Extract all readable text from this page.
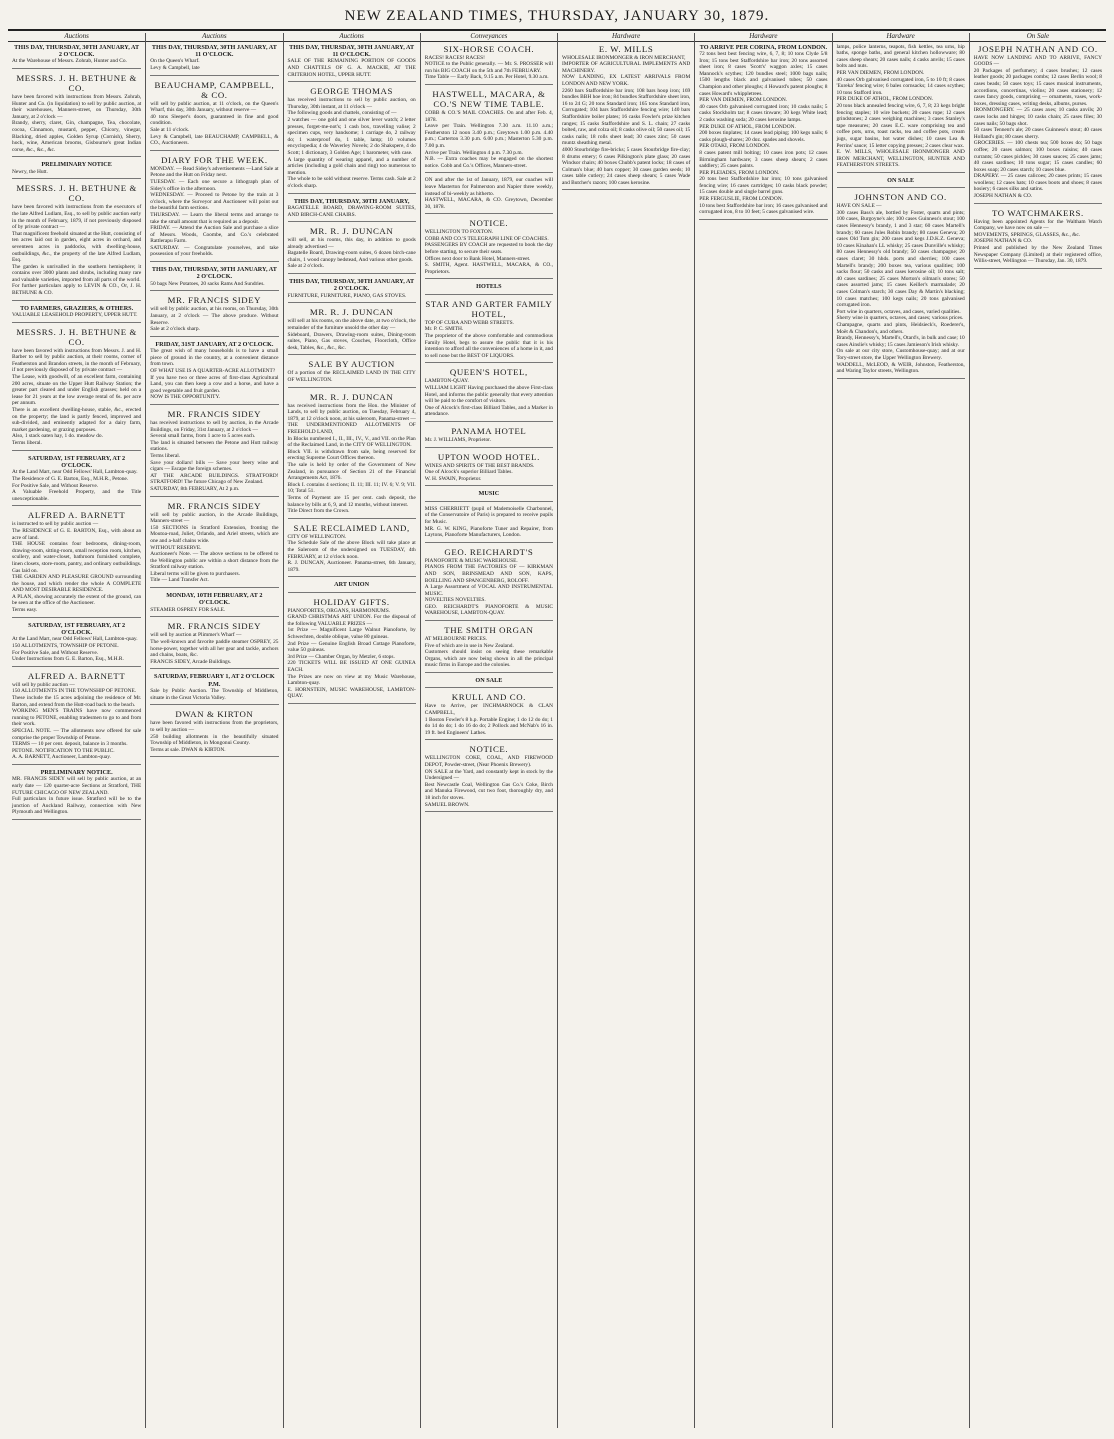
NEW ZEALAND TIMES, THURSDAY, JANUARY 30, 1879.
Auctions
THIS DAY, THURSDAY, 30TH JANUARY, AT 2 O'CLOCK.
At the Warehouse of Messrs. Zohrab, Hunter and Co.
MESSRS. J. H. BETHUNE & CO.
have been favored with instructions from Messrs. Zohrab, Hunter and Co. (in liquidation) to sell by public auction, at their warehouses, Manners-street, on Thursday, 30th January, at 2 o'clock —
Brandy, sherry, claret, Gin, champagne, Tea, chocolate, cocoa, Cinnamon, mustard, pepper, Chicory, vinegar, Blacking, dried apples, Golden Syrup (Cornish), Sherry, hock, wine, American brooms, Gisbourne's great Indian corse, &c., &c., &c.
PRELIMINARY NOTICE
Newry, the Hutt.
MESSRS. J. H. BETHUNE & CO.
have been favored with instructions from the executors of the late Alfred Ludlam, Esq., to sell by public auction early in the month of February, 1879, if not previously disposed of by private contract —
That magnificent freehold situated at the Hutt, consisting of ten acres laid out in garden, eight acres in orchard, and seventeen acres in paddocks, with dwelling-house, outbuildings, &c., the property of the late Alfred Ludlam, Esq.
The garden is unrivalled in the southern hemisphere; it contains over 3000 plants and shrubs, including many rare and valuable varieties, imported from all parts of the world.
For further particulars apply to LEVIN & CO., Or, J. H. BETHUNE & CO.
TO FARMERS, GRAZIERS, & OTHERS.
VALUABLE LEASEHOLD PROPERTY, UPPER HUTT.
MESSRS. J. H. BETHUNE & CO.
have been favored with instructions from Messrs. J. and H. Barber to sell by public auction, at their rooms, corner of Featherston and Brandon streets, in the month of February, if not previously disposed of by private contract —
The Lease, with goodwill, of an excellent farm, containing 200 acres, situate on the Upper Hutt Railway Station; the greater part cleared and under English grasses; held on a lease for 21 years at the low average rental of 6s. per acre per annum.
There is an excellent dwelling-house, stable, &c., erected on the property; the land is partly fenced, improved and sub-divided, and eminently adapted for a dairy farm, market gardening, or grazing purposes.
Also, 1 stack oaten hay, 1 do. meadow do.
Terms liberal.
SATURDAY, 1ST FEBRUARY, AT 2 O'CLOCK.
At the Land Mart, near Odd Fellows' Hall, Lambton-quay.
The Residence of G. E. Barton, Esq., M.H.R., Petone.
For Positive Sale, and Without Reserve.
A Valuable Freehold Property, and the Title unexceptionable.
ALFRED A. BARNETT
is instructed to sell by public auction —
The RESIDENCE of G. E. BARTON, Esq., with about an acre of land.
THE HOUSE contains four bedrooms, dining-room, drawing-room, sitting-room, small reception room, kitchen, scullery, and water-closet, bathroom furnished complete, linen closets, store-room, pantry, and ordinary outbuildings. Gas laid on.
THE GARDEN AND PLEASURE GROUND surrounding the house, and which render the whole A COMPLETE AND MOST DESIRABLE RESIDENCE.
A PLAN, showing accurately the extent of the ground, can be seen at the office of the Auctioneer.
Terms easy.
SATURDAY, 1ST FEBRUARY, AT 2 O'CLOCK.
At the Land Mart, near Odd Fellows' Hall, Lambton-quay.
150 ALLOTMENTS, TOWNSHIP OF PETONE.
For Positive Sale, and Without Reserve.
Under Instructions from G. E. Barton, Esq., M.H.R.
ALFRED A. BARNETT
will sell by public auction —
150 ALLOTMENTS IN THE TOWNSHIP OF PETONE.
These include the 15 acres adjoining the residence of Mr. Barton, and extend from the Hutt-road back to the beach.
WORKING MEN'S TRAINS have now commenced running to PETONE, enabling tradesmen to go to and from their work.
SPECIAL NOTE. — The allotments now offered for sale comprise the proper Township of Petone.
TERMS — 10 per cent. deposit, balance in 3 months.
PETONE. NOTIFICATION TO THE PUBLIC.
A. A. BARNETT, Auctioneer, Lambton-quay.
PRELIMINARY NOTICE.
MR. FRANCIS SIDEY will sell by public auction, at an early date — 120 quarter-acre Sections at Stratford, THE FUTURE CHICAGO OF NEW ZEALAND.
Full particulars in future issue. Stratford will be to the junction of Auckland Railway, connection with New Plymouth and Wellington.
Auctions
THIS DAY, THURSDAY, 30TH JANUARY, AT 11 O'CLOCK.
On the Queen's Wharf.
Levy & Campbell, late
BEAUCHAMP, CAMPBELL, & CO.
will sell by public auction, at 11 o'clock, on the Queen's Wharf, this day, 30th January, without reserve —
40 tons Sleeper's doors, guaranteed in fine and good condition.
Sale at 11 o'clock.
Levy & Campbell, late BEAUCHAMP, CAMPBELL, & CO., Auctioneers.
DIARY FOR THE WEEK.
MONDAY. — Read Sidey's advertisements —Land Sale at Petone and the Hutt on Friday next.
TUESDAY. — Each one secure a lithograph plan of Sidey's office in the afternoon.
WEDNESDAY. — Proceed to Petone by the train at 3 o'clock, where the Surveyor and Auctioneer will point out the beautiful farm sections.
THURSDAY. — Learn the liberal terms and arrange to take the small amount that is required as a deposit.
FRIDAY. — Attend the Auction Sale and purchase a slice of Messrs. Woods, Coombe, and Co.'s celebrated Rattlerapu Farm.
SATURDAY. — Congratulate yourselves, and take possession of your freeholds.
THIS DAY, THURSDAY, 30TH JANUARY, AT 2 O'CLOCK.
50 bags New Potatoes, 20 sacks Rams And Sundries.
MR. FRANCIS SIDEY
will sell by public auction, at his rooms, on Thursday, 30th January, at 2 o'clock — The above produce. Without Reserve.
Sale at 2 o'clock sharp.
FRIDAY, 31ST JANUARY, AT 2 O'CLOCK.
The great wish of many households is to have a small piece of ground in the country, at a convenient distance from town.
OF WHAT USE IS A QUARTER-ACRE ALLOTMENT?
If you have two or three acres of first-class Agricultural Land, you can then keep a cow and a horse, and have a good vegetable and fruit garden.
NOW IS THE OPPORTUNITY.
MR. FRANCIS SIDEY
has received instructions to sell by auction, in the Arcade Buildings, on Friday, 31st January, at 2 o'clock —
Several small farms, from 1 acre to 5 acres each.
The land is situated between the Petone and Hutt railway stations.
Terms liberal.
Save your dollars! bills — Save your beery wine and cigars — Escape the foreign schemes.
AT THE ARCADE BUILDINGS. STRATFORD! STRATFORD! The future Chicago of New Zealand.
SATURDAY, 8th FEBRUARY, At 2 p.m.
MR. FRANCIS SIDEY
will sell by public auction, in the Arcade Buildings, Manners-street —
150 SECTIONS in Stratford Extension, fronting the Moutoa-road, Juliet, Orlando, and Ariel streets, which are one and a-half chains wide.
WITHOUT RESERVE.
Auctioneer's Note. — The above sections to be offered to the Wellington public are within a short distance from the Stratford railway station.
Liberal terms will be given to purchasers.
Title — Land Transfer Act.
MONDAY, 10TH FEBRUARY, AT 2 O'CLOCK.
STEAMER OSPREY FOR SALE.
MR. FRANCIS SIDEY
will sell by auction at Plimmer's Wharf —
The well-known and favorite paddle steamer OSPREY, 25 horse-power, together with all her gear and tackle, anchors and chains, boats, &c.
FRANCIS SIDEY, Arcade Buildings.
SATURDAY, FEBRUARY 1, AT 2 O'CLOCK P.M.
Sale by Public Auction. The Township of Middleton, situate in the Great Victoria Valley.
DWAN & KIRTON
have been favored with instructions from the proprietors, to sell by auction —
250 building allotments in the beautifully situated Township of Middleton, in Mongonui County.
Terms at sale. DWAN & KIRTON.
Auctions
THIS DAY, THURSDAY, 30TH JANUARY, AT 11 O'CLOCK.
SALE OF THE REMAINING PORTION OF GOODS AND CHATTELS OF G. A. MACKIE, AT THE CRITERION HOTEL, UPPER HUTT.
GEORGE THOMAS
has received instructions to sell by public auction, on Thursday, 30th instant, at 11 o'clock —
The following goods and chattels, consisting of —
2 watches — one gold and one silver lever watch; 2 letter presses, forget-me-not's; 1 cash box, travelling valise; 2 specimen cups, very handsome; 1 carriage do, 2 railway do; 1 waterproof do, 1 table, lamp; 10 volumes encyclopedia; 4 do Waverley Novels; 2 do Shakspere, 4 do Scott; 1 dictionary, 3 Golden Age; 1 barometer, with case.
A large quantity of wearing apparel, and a number of articles (including a gold chain and ring) too numerous to mention.
The whole to be sold without reserve. Terms cash. Sale at 2 o'clock sharp.
THIS DAY, THURSDAY, 30TH JANUARY,
BAGATELLE BOARD, DRAWING-ROOM SUITES, AND BIRCH-CANE CHAIRS.
MR. R. J. DUNCAN
will sell, at his rooms, this day, in addition to goods already advertised —
Bagatelle Board, Drawing-room suites, 6 dozen birch-cane chairs, 1 wood canopy bedstead, And various other goods.
Sale at 2 o'clock.
THIS DAY, THURSDAY, 30TH JANUARY, AT 2 O'CLOCK.
FURNITURE, FURNITURE, PIANO, GAS STOVES.
MR. R. J. DUNCAN
will sell at his rooms, on the above date, at two o'clock, the remainder of the furniture unsold the other day —
Sideboard, Drawers, Drawing-room suites, Dining-room suites, Piano, Gas stoves, Couches, Floorcloth, Office desk, Tables, &c., &c., &c.
SALE BY AUCTION
Of a portion of the RECLAIMED LAND IN THE CITY OF WELLINGTON.
MR. R. J. DUNCAN
has received instructions from the Hon. the Minister of Lands, to sell by public auction, on Tuesday, February 4, 1879, at 12 o'clock noon, at his saleroom, Panama-street —
THE UNDERMENTIONED ALLOTMENTS OF FREEHOLD LAND,
In Blocks numbered I., II., III., IV., V., and VII. on the Plan of the Reclaimed Land, in the CITY OF WELLINGTON.
Block VII. is withdrawn from sale, being reserved for erecting Supreme Court Offices thereon.
The sale is held by order of the Government of New Zealand, in pursuance of Section 21 of the Financial Arrangements Act, 1876.
Block I. contains 4 sections; II. 11; III. 11; IV. 6; V. 9; VII. 10; Total 51.
Terms of Payment are 15 per cent. cash deposit, the balance by bills at 6, 9, and 12 months, without interest.
Title Direct from the Crown.
SALE RECLAIMED LAND,
CITY OF WELLINGTON.
The Schedule Sale of the above Block will take place at the Saleroom of the undersigned on TUESDAY, 4th FEBRUARY, at 12 o'clock noon.
R. J. DUNCAN, Auctioneer. Panama-street, 6th January, 1879.
ART UNION
HOLIDAY GIFTS.
PIANOFORTES, ORGANS, HARMONIUMS.
GRAND CHRISTMAS ART UNION. For the disposal of the following VALUABLE PRIZES —
1st Prize — Magnificent Large Walnut Pianoforte, by Schwechten, double oblique, value 80 guineas.
2nd Prize — Genuine English Broad Cottage Pianoforte, value 50 guineas.
3rd Prize — Chamber Organ, by Metzler, 6 stops.
220 TICKETS WILL BE ISSUED AT ONE GUINEA EACH.
The Prizes are now on view at my Music Warehouse, Lambton-quay.
E. HORNSTEIN, MUSIC WAREHOUSE, LAMBTON-QUAY.
Conveyances
SIX-HORSE COACH.
RACES! RACES! RACES!
NOTICE to the Public generally. — Mr. S. PROSSER will run his BIG COACH on the 5th and 7th FEBRUARY.
Time Table — Early Back, 9.15 a.m. Per Hotel, 9.30 a.m.
HASTWELL, MACARA, & CO.'S NEW TIME TABLE.
COBB & CO.'S MAIL COACHES. On and after Feb. 4, 1878.
Leave per Train. Wellington 7.30 a.m. 11.10 a.m.; Featherston 12 noon 3.40 p.m.; Greytown 1.00 p.m. 4.40 p.m.; Carterton 3.30 p.m. 6.00 p.m.; Masterton 5.30 p.m. 7.00 p.m.
Arrive per Train. Wellington 4 p.m. 7.30 p.m.
N.B. — Extra coaches may be engaged on the shortest notice. Cobb and Co.'s Offices, Manners-street.
ON and after the 1st of January, 1879, our coaches will leave Masterton for Palmerston and Napier three weekly, instead of bi-weekly as hitherto.
HASTWELL, MACARA, & CO. Greytown, December 30, 1878.
NOTICE.
WELLINGTON TO FOXTON.
COBB AND CO.'S TELEGRAPH LINE OF COACHES.
PASSENGERS BY COACH are requested to book the day before starting, to secure their seats.
Offices next door to Bank Hotel, Manners-street.
S. SMITH, Agent. HASTWELL, MACARA, & CO., Proprietors.
HOTELS
STAR AND GARTER FAMILY HOTEL,
TOP OF CUBA AND WEBB STREETS.
Mr. P. C. SMITH.
The proprietor of the above comfortable and commodious Family Hotel, begs to assure the public that it is his intention to afford all the conveniences of a home in it, and to sell none but the BEST OF LIQUORS.
QUEEN'S HOTEL,
LAMBTON-QUAY.
WILLIAM LIGHT Having purchased the above First-class Hotel, and informs the public generally that every attention will be paid to the comfort of visitors.
One of Alcock's first-class Billiard Tables, and a Marker in attendance.
PANAMA HOTEL
Mr. J. WILLIAMS, Proprietor.
UPTON WOOD HOTEL.
WINES AND SPIRITS OF THE BEST BRANDS.
One of Alcock's superior Billiard Tables.
W. H. SWAIN, Proprietor.
MUSIC
MISS CHERRIETT (pupil of Mademoiselle Charbonnel, of the Conservatoire of Paris) is prepared to receive pupils for Music.
MR. G. W. KING, Pianoforte Tuner and Repairer, from Laytons, Pianoforte Manufacturers, London.
GEO. REICHARDT'S
PIANOFORTE & MUSIC WAREHOUSE.
PIANOS FROM THE FACTORIES OF — KIRKMAN AND SON, BRINSMEAD AND SON, KAPS, BOELLING AND SPANGENBERG, ROLOFF.
A Large Assortment of VOCAL AND INSTRUMENTAL MUSIC.
NOVELTIES NOVELTIES.
GEO. REICHARDT'S PIANOFORTE & MUSIC WAREHOUSE, LAMBTON-QUAY.
THE SMITH ORGAN
AT MELBOURNE PRICES.
Five of which are in use in New Zealand.
Customers should insist on seeing these remarkable Organs, which are now being shown in all the principal music firms in Europe and the colonies.
ON SALE
KRULL AND CO.
Have to Arrive, per INCHMARNOCK & CLAN CAMPBELL,
1 Boston Fowler's 8 h.p. Portable Engine; 1 do 12 do do; 1 do 14 do do; 1 do 16 do do; 2 Pollock and McNab's 16 in. 19 ft. bed Engineers' Lathes.
NOTICE.
WELLINGTON COKE, COAL, AND FIREWOOD DEPOT, Powder-street, (Near Phoenix Brewery).
ON SALE at the Yard, and constantly kept in stock by the Undersigned —
Best Newcastle Coal, Wellington Gas Co.'s Coke, Birch and Manuka Firewood, cut two foot, thoroughly dry, and 18 inch for stoves.
SAMUEL BROWN.
Hardware
E. W. MILLS
WHOLESALE IRONMONGER & IRON MERCHANT,
IMPORTER OF AGRICULTURAL IMPLEMENTS AND MACHINERY.
NOW LANDING, EX LATEST ARRIVALS FROM LONDON AND NEW YORK.
2260 bars Staffordshire bar iron; 108 bars hoop iron; 169 bundles BBH hoe iron; 84 bundles Staffordshire sheet iron, 16 to 24 G; 20 tons Standard iron; 165 tons Standard iron, Corrugated; 104 bars Staffordshire fencing wire; 140 bars Staffordshire boiler plates; 16 casks Fowler's prize kitchen ranges; 15 casks Staffordshire and S. L. chain; 27 casks bolted, raw, and colza oil; 8 casks olive oil; 50 cases oil; 15 casks nails; 18 rolls sheet lead; 30 cases zinc; 50 cases muntz sheathing metal.
4000 Stourbridge fire-bricks; 5 cases Stourbridge fire-clay; 8 drums emery; 6 cases Pilkington's plate glass; 20 cases Windsor chairs; 40 boxes Chubb's patent locks; 18 cases of Colman's blue; 40 bars copper; 30 cases garden seeds; 10 cases table cutlery; 24 cases sheep shears; 5 cases Wade and Butcher's razors; 100 cases kerosine.
Hardware
TO ARRIVE PER CORINA, FROM LONDON.
72 tons best best fencing wire, 6, 7, 8; 10 tons Clyde 5/8 Iron; 15 tons best Staffordshire bar iron; 20 tons assorted sheet iron; 8 cases 'Scott's' waggon axles; 15 cases Mannock's scythes; 120 bundles steel; 1000 bags nails; 1500 lengths black and galvanised tubes; 50 cases Champion and other ploughs; 4 Howard's patent ploughs; 8 cases Howard's whippletrees.
PER VAN DIEMEN, FROM LONDON.
40 cases Orb galvanised corrugated iron; 10 casks nails; 5 casks Stockholm tar; 8 cases tinware; 30 kegs White lead; 2 casks washing soda; 20 cases kerosine lamps.
PER DUKE OF ATHOL, FROM LONDON.
200 boxes tinplates; 14 cases lead piping; 100 kegs nails; 6 casks plough-shares; 20 doz. spades and shovels.
PER OTAKI, FROM LONDON.
8 cases patent mill bolting; 10 cases iron pots; 12 cases Birmingham hardware; 3 cases sheep shears; 2 cases saddlery; 25 cases paints.
PER PLEIADES, FROM LONDON.
20 tons best Staffordshire bar iron; 10 tons galvanised fencing wire; 16 cases cartridges; 10 casks black powder; 15 cases double and single barrel guns.
PER FERGUSLIE, FROM LONDON.
10 tons best Staffordshire bar iron; 16 cases galvanised and corrugated iron, 8 to 10 feet; 5 cases galvanised wire.
Hardware
lamps, police lanterns, teapots, fish kettles, tea urns, hip baths, sponge baths, and general kitchen hollowware; 80 cases sheep shears; 20 cases nails; 4 casks anvils; 15 cases bolts and nuts.
PER VAN DIEMEN, FROM LONDON.
40 cases Orb galvanised corrugated iron, 5 to 10 ft; 8 cases 'Eureka' fencing wire; 6 bales cornsacks; 14 cases scythes; 10 tons Stafford iron.
PER DUKE OF ATHOL, FROM LONDON.
20 tons black annealed fencing wire, 6, 7, 8; 23 kegs bright fencing staples; 10 wire buckets; 20 cases rope; 12 cases grindstones; 2 cases weighing machines; 3 cases Stanley's tape measures; 20 cases E.C. ware comprising tea and coffee pots, urns, toast racks, tea and coffee pots, cream jugs, sugar basins, hot water dishes; 10 cases Lea & Perrins' sauce; 15 letter copying presses; 2 cases clear wax.
E. W. MILLS, WHOLESALE IRONMONGER AND IRON MERCHANT, WELLINGTON, HUNTER AND FEATHERSTON STREETS.
ON SALE
JOHNSTON AND CO.
HAVE ON SALE —
300 cases Bass's ale, bottled by Foster, quarts and pints; 100 cases, Burgoyne's ale; 100 cases Guinness's stout; 100 cases Hennessy's brandy, 1 and 3 star; 60 cases Martell's brandy; 60 cases Jules Robin brandy; 80 cases Geneva; 20 cases Old Tom gin; 200 cases and kegs J.D.K.Z. Geneva; 10 cases Kinahan's LL whisky; 25 cases Dunville's whisky; 80 cases Hennessy's old brandy; 50 cases champagne; 20 cases claret; 30 hhds. ports and sherries; 100 cases Martell's brandy; 200 boxes tea, various qualities; 100 sacks flour; 50 casks and cases kerosine oil; 10 tons salt; 40 cases sardines; 25 cases Morton's oilman's stores; 50 cases assorted jams; 15 cases Keiller's marmalade; 20 cases Colman's starch; 30 cases Day & Martin's blacking; 10 cases matches; 100 kegs nails; 20 tons galvanised corrugated iron.
Port wine in quarters, octaves, and cases, varied qualities.
Sherry wine in quarters, octaves, and cases; various prices.
Champagne, quarts and pints, Heidsieck's, Roederer's, Moët & Chandon's, and others.
Brandy, Hennessy's, Martell's, Otard's, in bulk and case; 10 cases Ainslie's whisky; 15 cases Jamieson's Irish whisky.
On sale at our city store, Customhouse-quay; and at our Tory-street store, the Upper Wellington Brewery.
WADDELL, McLEOD, & WEIR, Johnston, Featherston, and Waring Taylor streets, Wellington.
On Sale
JOSEPH NATHAN AND CO.
HAVE NOW LANDING AND TO ARRIVE, FANCY GOODS —
20 Packages of perfumery; 4 cases brushes; 12 cases leather goods; 20 packages combs; 12 cases Berlin wool; 8 cases beads; 50 cases toys; 15 cases musical instruments, accordions, concertinas, violins; 20 cases stationery; 12 cases fancy goods, comprising — ornaments, vases, work-boxes, dressing cases, writing desks, albums, purses.
IRONMONGERY. — 25 cases axes; 10 casks anvils; 20 cases locks and hinges; 10 casks chain; 25 cases files; 30 cases nails; 50 bags shot.
50 cases Tennent's ale; 20 cases Guinness's stout; 40 cases Holland's gin; 80 cases sherry.
GROCERIES. — 100 chests tea; 500 boxes do; 50 bags coffee; 20 cases salmon; 100 boxes raisins; 40 cases currants; 50 cases pickles; 30 cases sauces; 25 cases jams; 40 cases sardines; 10 tons sugar; 15 cases candles; 60 boxes soap; 20 cases starch; 10 cases blue.
DRAPERY. — 25 cases calicoes; 20 cases prints; 15 cases woollens; 12 cases hats; 10 cases boots and shoes; 8 cases hosiery; 6 cases silks and satins.
JOSEPH NATHAN & CO.
TO WATCHMAKERS.
Having been appointed Agents for the Waltham Watch Company, we have now on sale —
MOVEMENTS, SPRINGS, GLASSES, &c., &c.
JOSEPH NATHAN & CO.
Printed and published by the New Zealand Times Newspaper Company (Limited) at their registered office, Willis-street, Wellington — Thursday, Jan. 30, 1879.
